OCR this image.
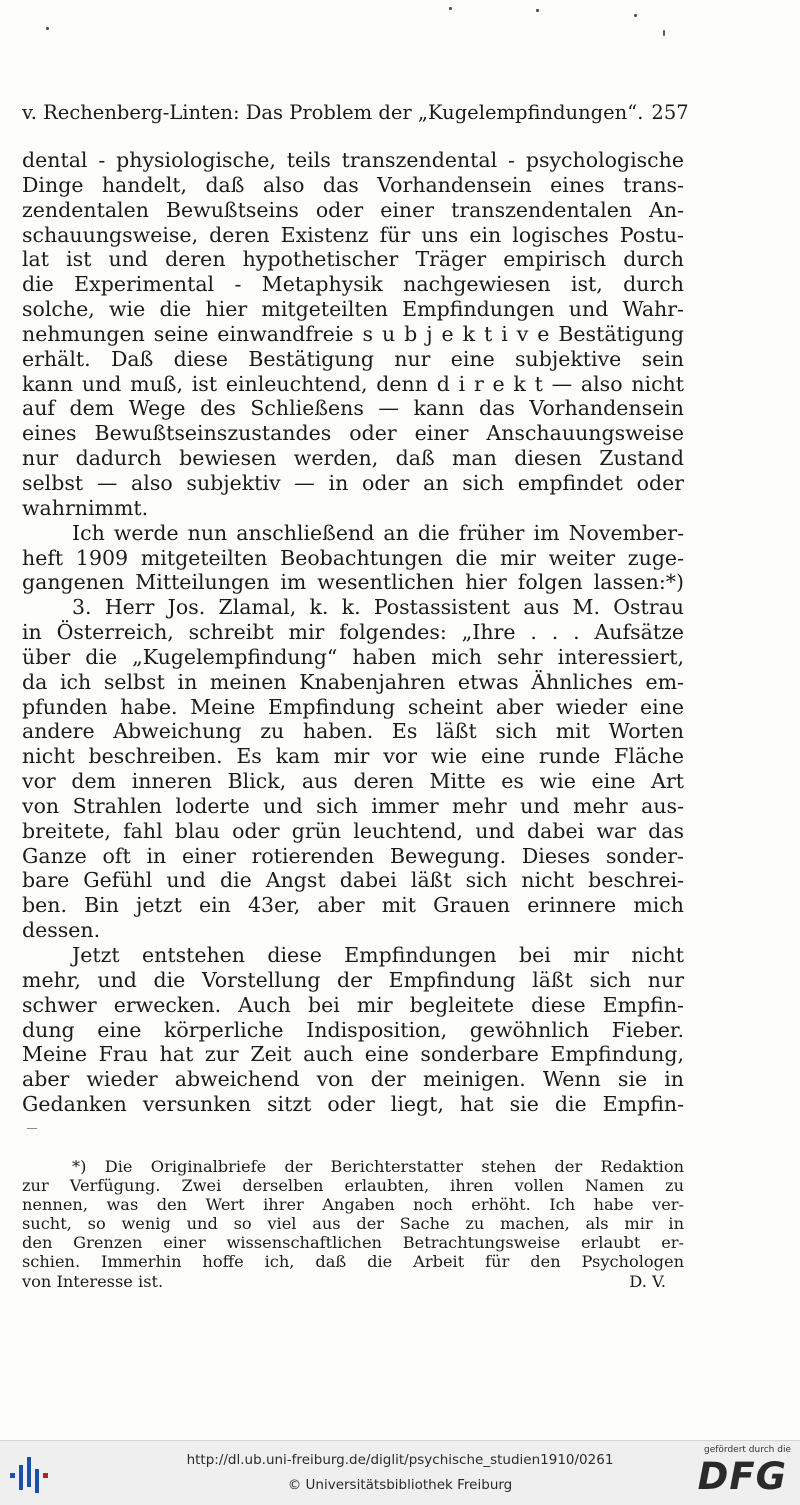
v. Rechenberg-Linten: Das Problem der „Kugelempfindungen“. 257
dental - physiologische, teils transzendental - psychologische
Dinge handelt, daß also das Vorhandensein eines trans-
zendentalen Bewußtseins oder einer transzendentalen An-
schauungsweise, deren Existenz für uns ein logisches Postu-
lat ist und deren hypothetischer Träger empirisch durch
die Experimental - Metaphysik nachgewiesen ist, durch
solche, wie die hier mitgeteilten Empfindungen und Wahr-
nehmungen seine einwandfreie s u b j e k t i v e Bestätigung
erhält. Daß diese Bestätigung nur eine subjektive sein
kann und muß, ist einleuchtend, denn d i r e k t — also nicht
auf dem Wege des Schließens — kann das Vorhandensein
eines Bewußtseinszustandes oder einer Anschauungsweise
nur dadurch bewiesen werden, daß man diesen Zustand
selbst — also subjektiv — in oder an sich empfindet oder
wahrnimmt.
Ich werde nun anschließend an die früher im November-
heft 1909 mitgeteilten Beobachtungen die mir weiter zuge-
gangenen Mitteilungen im wesentlichen hier folgen lassen:*)
3. Herr Jos. Zlamal, k. k. Postassistent aus M. Ostrau
in Österreich, schreibt mir folgendes: „Ihre . . . Aufsätze
über die „Kugelempfindung“ haben mich sehr interessiert,
da ich selbst in meinen Knabenjahren etwas Ähnliches em-
pfunden habe. Meine Empfindung scheint aber wieder eine
andere Abweichung zu haben. Es läßt sich mit Worten
nicht beschreiben. Es kam mir vor wie eine runde Fläche
vor dem inneren Blick, aus deren Mitte es wie eine Art
von Strahlen loderte und sich immer mehr und mehr aus-
breitete, fahl blau oder grün leuchtend, und dabei war das
Ganze oft in einer rotierenden Bewegung. Dieses sonder-
bare Gefühl und die Angst dabei läßt sich nicht beschrei-
ben. Bin jetzt ein 43er, aber mit Grauen erinnere mich
dessen.
Jetzt entstehen diese Empfindungen bei mir nicht
mehr, und die Vorstellung der Empfindung läßt sich nur
schwer erwecken. Auch bei mir begleitete diese Empfin-
dung eine körperliche Indisposition, gewöhnlich Fieber.
Meine Frau hat zur Zeit auch eine sonderbare Empfindung,
aber wieder abweichend von der meinigen. Wenn sie in
Gedanken versunken sitzt oder liegt, hat sie die Empfin-
*) Die Originalbriefe der Berichterstatter stehen der Redaktion
zur Verfügung. Zwei derselben erlaubten, ihren vollen Namen zu
nennen, was den Wert ihrer Angaben noch erhöht. Ich habe ver-
sucht, so wenig und so viel aus der Sache zu machen, als mir in
den Grenzen einer wissenschaftlichen Betrachtungsweise erlaubt er-
schien. Immerhin hoffe ich, daß die Arbeit für den Psychologen
von Interesse ist.	D. V.
http://dl.ub.uni-freiburg.de/diglit/psychische_studien1910/0261
© Universitätsbibliothek Freiburg
gefördert durch die
DFG
